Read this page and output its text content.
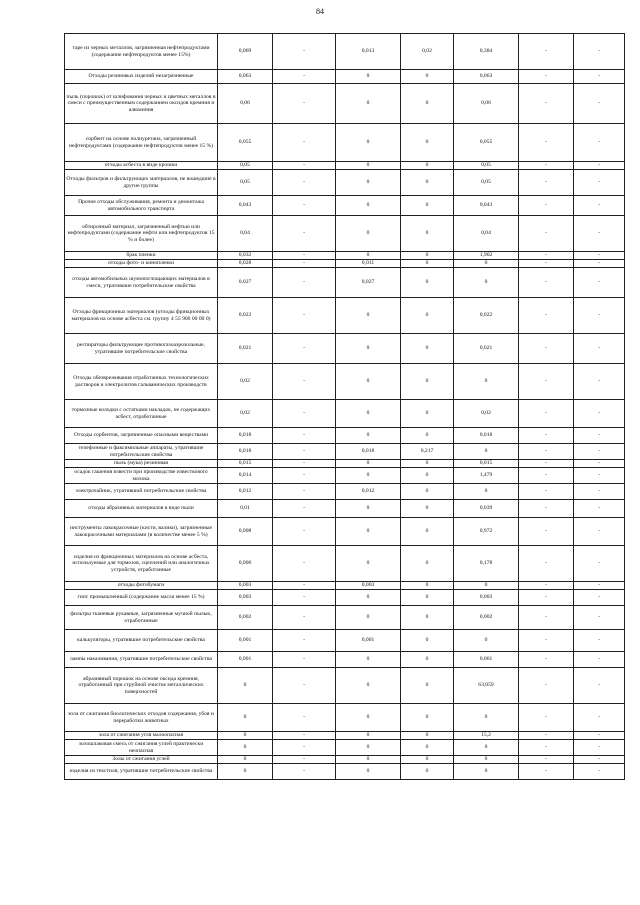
84
таре из черных металлов, загрязненная нефтепродуктами (содержание нефтепродуктов менее 15%)	0,069	-	0,013	0,02	0,384	-	-
Отходы резиновых изделий незагрязненные	0,063	-	0	0	0,063	-	-
пыль (порошок) от шлифования черных и цветных металлов в смеси с преимущественным содержанием оксидов кремния и алюминия	0,06	-	0	0	0,06	-	-
сорбент на основе полиуретана, загрязненный нефтепродуктами (содержание нефтепродуктов менее 15 %)	0,055	-	0	0	0,055	-	-
отходы асбеста в виде крошки	0,05	-	0	0	0,05	-	-
Отходы фильтров и фильтрующих материалов, не вошедшие в другие группы	0,05	-	0	0	0,05	-	-
Прочие отходы обслуживания, ремонта и демонтажа автомобильного транспорта	0,043	-	0	0	0,043	-	-
обтирочный материал, загрязненный нефтью или нефтепродуктами (содержание нефти или нефтепродуктов 15 % и более)	0,04	-	0	0	0,04	-	-
брак пленки	0,032	-	0	0	1,902	-	-
отходы фото- и кинопленки	0,028	-	0,011	0	0	-	-
отходы автомобильных шумопоглощающих материалов в смеси, утратившие потребительские свойства	0,027	-	0,027	0	0	-	-
Отходы фрикционных материалов (отходы фрикционных материалов на основе асбеста см. группу 4 55 900 00 00 0)	0,022	-	0	0	0,022	-	-
респираторы фильтрующие противогазоаэрозольные, утратившие потребительские свойства	0,021	-	0	0	0,021	-	-
Отходы обезвреживания отработанных технологических растворов и электролитов гальванических производств	0,02	-	0	0	0	-	-
тормозные колодки с остатками накладок, не содержащих асбест, отработанные	0,02	-	0	0	0,02	-	-
Отходы сорбентов, загрязненные опасными веществами	0,018	-	0	0	0,018	-	-
телефонные и факсимильные аппараты, утратившие потребительские свойства	0,018	-	0,018	0,217	0	-	-
пыль (мука) резиновая	0,015	-	0	0	0,015	-	-
осадок гашения извести при производстве известкового молока	0,014	-	0	0	1,479	-	-
электрочайник, утративший потребительские свойства	0,012	-	0,012	0	0	-	-
отходы абразивных материалов в виде пыли	0,01	-	0	0	0,039	-	-
инструменты лакокрасочные (кисти, валики), загрязненные лакокрасочными материалами (в количестве менее 5 %)	0,008	-	0	0	0,972	-	-
изделия из фрикционных материалов на основе асбеста, используемые для тормозов, сцеплений или аналогичных устройств, отработанные	0,006	-	0	0	0,178	-	-
отходы фотобумаги	0,003	-	0,003	0	0	-	-
гипс промышленный (содержание масла менее 15 %)	0,003	-	0	0	0,003	-	-
фильтры тканевые рукавные, загрязненные мучной пылью, отработанные	0,002	-	0	0	0,002	-	-
калькуляторы, утратившие потребительские свойства	0,001	-	0,001	0	0	-	-
лампы накаливания, утратившие потребительские свойства	0,001	-	0	0	0,001	-	-
абразивный порошок на основе оксида кремния, отработанный при струйной очистке металлических поверхностей	0	-	0	0	63,059	-	-
зола от сжигания биологических отходов содержания, убоя и переработки животных	0	-	0	0	0	-	-
зола от сжигания угля малоопасная	0	-	0	0	15,2	-	-
золошлаковая смесь от сжигания углей практически неопасная	0	-	0	0	0	-	-
Золы от сжигания углей	0	-	0	0	0	-	-
изделия из текстиля, утратившие потребительские свойства	0	-	0	0	0	-	-
